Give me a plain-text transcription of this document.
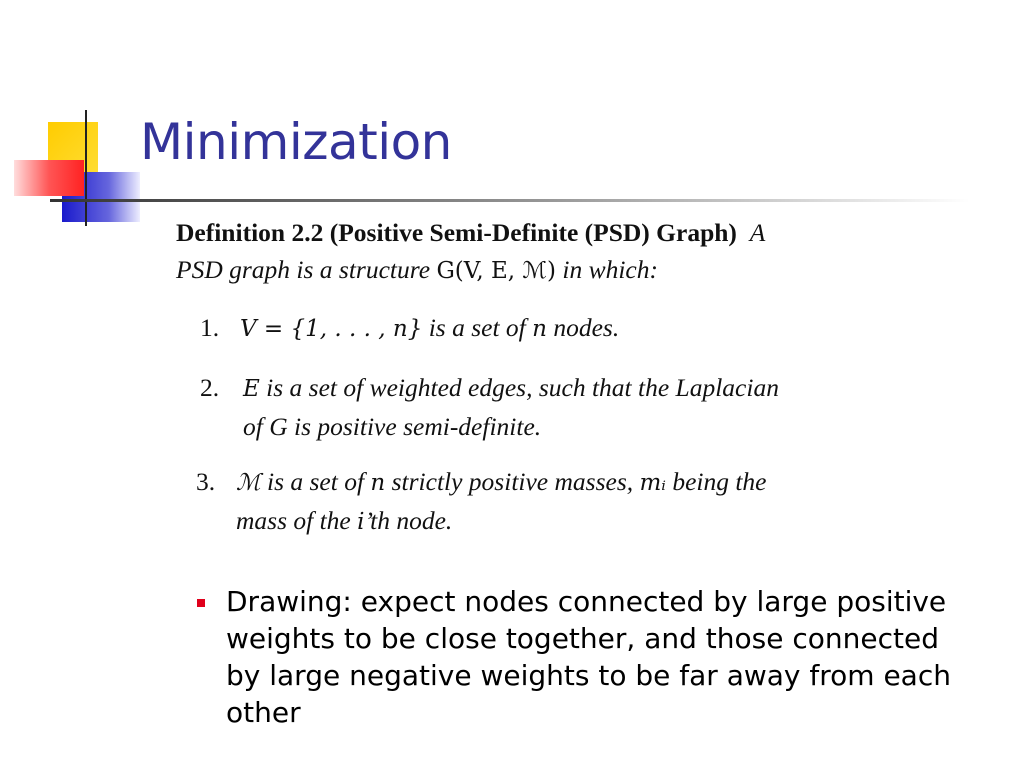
Minimization

Definition 2.2 (Positive Semi-Definite (PSD) Graph) A
PSD graph is a structure G(V, E, ℳ) in which:

1. V = {1, . . . , n} is a set of n nodes.
2.	E is a set of weighted edges, such that the Laplacian
of G is positive semi-definite.
3. ℳ is a set of n strictly positive masses, mᵢ being the
mass of the i’th node.
Drawing: expect nodes connected by large positive weights to be close together, and those connected by large negative weights to be far away from each other
